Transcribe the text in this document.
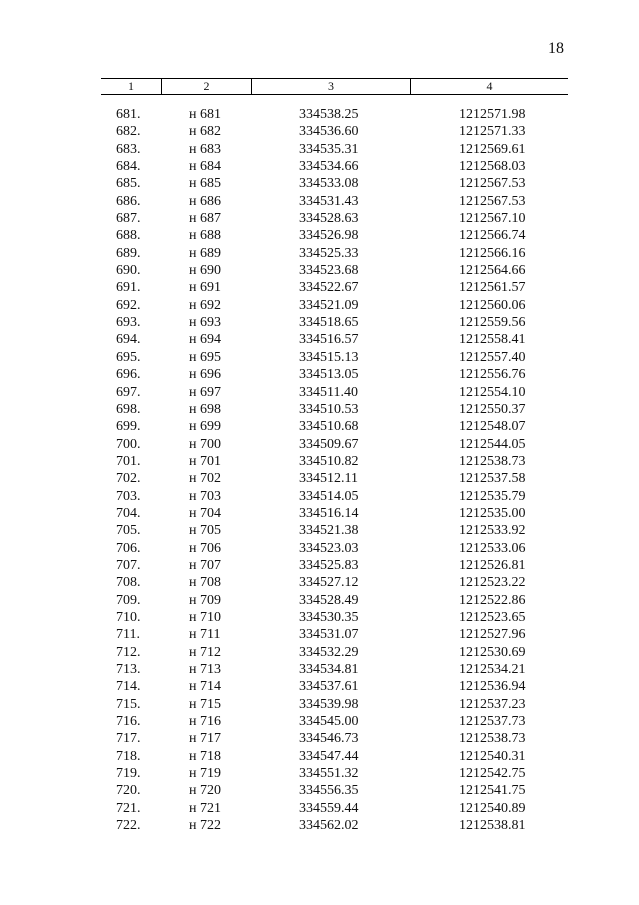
18
1	2	3	4
681.	н 681	334538.25	1212571.98
682.	н 682	334536.60	1212571.33
683.	н 683	334535.31	1212569.61
684.	н 684	334534.66	1212568.03
685.	н 685	334533.08	1212567.53
686.	н 686	334531.43	1212567.53
687.	н 687	334528.63	1212567.10
688.	н 688	334526.98	1212566.74
689.	н 689	334525.33	1212566.16
690.	н 690	334523.68	1212564.66
691.	н 691	334522.67	1212561.57
692.	н 692	334521.09	1212560.06
693.	н 693	334518.65	1212559.56
694.	н 694	334516.57	1212558.41
695.	н 695	334515.13	1212557.40
696.	н 696	334513.05	1212556.76
697.	н 697	334511.40	1212554.10
698.	н 698	334510.53	1212550.37
699.	н 699	334510.68	1212548.07
700.	н 700	334509.67	1212544.05
701.	н 701	334510.82	1212538.73
702.	н 702	334512.11	1212537.58
703.	н 703	334514.05	1212535.79
704.	н 704	334516.14	1212535.00
705.	н 705	334521.38	1212533.92
706.	н 706	334523.03	1212533.06
707.	н 707	334525.83	1212526.81
708.	н 708	334527.12	1212523.22
709.	н 709	334528.49	1212522.86
710.	н 710	334530.35	1212523.65
711.	н 711	334531.07	1212527.96
712.	н 712	334532.29	1212530.69
713.	н 713	334534.81	1212534.21
714.	н 714	334537.61	1212536.94
715.	н 715	334539.98	1212537.23
716.	н 716	334545.00	1212537.73
717.	н 717	334546.73	1212538.73
718.	н 718	334547.44	1212540.31
719.	н 719	334551.32	1212542.75
720.	н 720	334556.35	1212541.75
721.	н 721	334559.44	1212540.89
722.	н 722	334562.02	1212538.81
